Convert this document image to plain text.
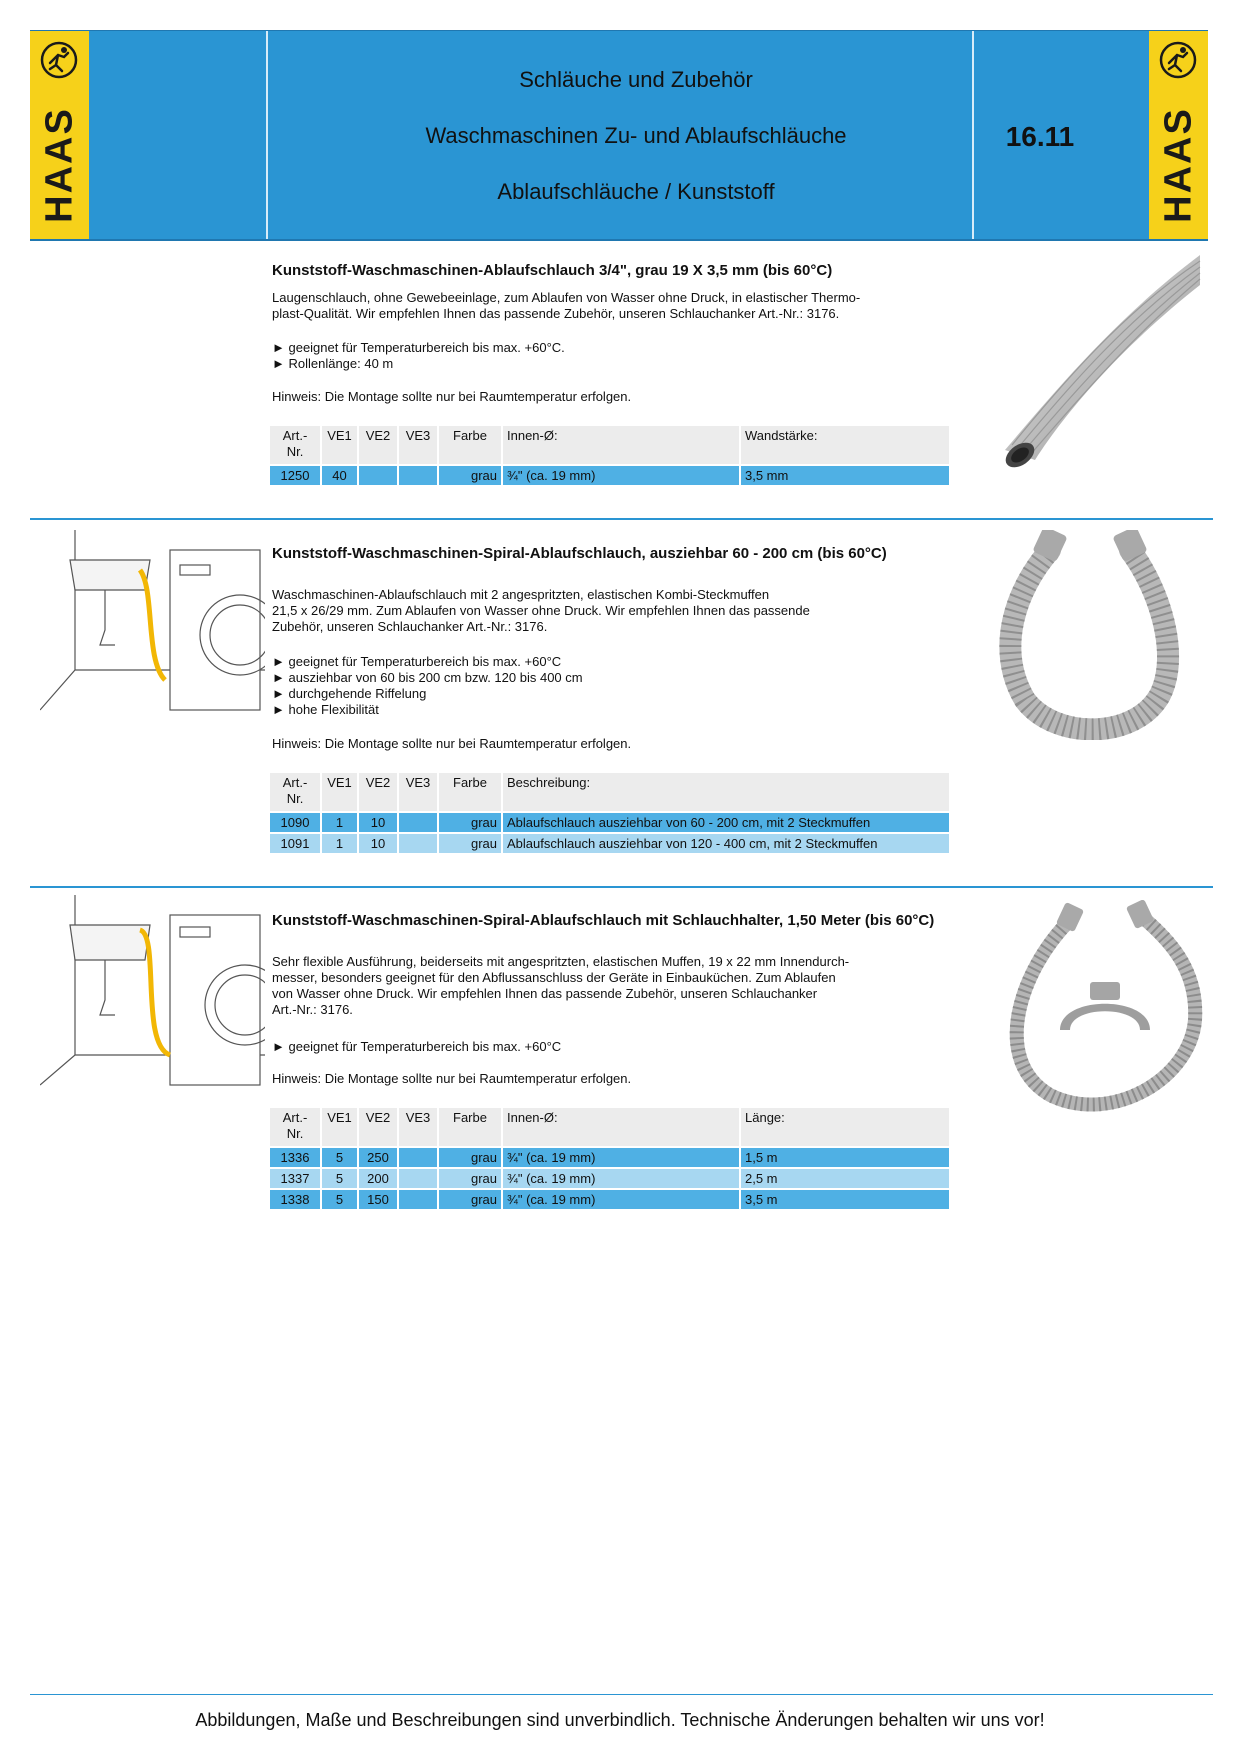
HAAS
Schläuche und Zubehör
Waschmaschinen Zu- und Ablaufschläuche
Ablaufschläuche / Kunststoff
16.11	HAAS
Kunststoff-Waschmaschinen-Ablaufschlauch 3/4", grau 19 X 3,5 mm (bis 60°C)

Laugenschlauch, ohne Gewebeeinlage, zum Ablaufen von Wasser ohne Druck, in elastischer Thermo-

plast-Qualität. Wir empfehlen Ihnen das passende Zubehör, unseren Schlauchanker Art.-Nr.: 3176.

► geeignet für Temperaturbereich bis max. +60°C.
► Rollenlänge: 40 m
Hinweis: Die Montage sollte nur bei Raumtemperatur erfolgen.
Art.-
Nr.	VE1	VE2	VE3	Farbe	Innen-Ø:	Wandstärke:
1250	40			grau	¾" (ca. 19 mm)	3,5 mm
Kunststoff-Waschmaschinen-Spiral-Ablaufschlauch, ausziehbar 60 - 200 cm (bis 60°C)

Waschmaschinen-Ablaufschlauch mit 2 angespritzten, elastischen Kombi-Steckmuffen

21,5 x 26/29 mm. Zum Ablaufen von Wasser ohne Druck. Wir empfehlen Ihnen das passende

Zubehör, unseren Schlauchanker Art.-Nr.: 3176.

► geeignet für Temperaturbereich bis max. +60°C
► ausziehbar von 60 bis 200 cm bzw. 120 bis 400 cm
► durchgehende Riffelung
► hohe Flexibilität
Hinweis: Die Montage sollte nur bei Raumtemperatur erfolgen.
Art.-
Nr.	VE1	VE2	VE3	Farbe	Beschreibung:
1090	1	10		grau	Ablaufschlauch ausziehbar von 60 - 200 cm, mit 2 Steckmuffen
1091	1	10		grau	Ablaufschlauch ausziehbar von 120 - 400 cm, mit 2 Steckmuffen
Kunststoff-Waschmaschinen-Spiral-Ablaufschlauch mit Schlauchhalter, 1,50 Meter (bis 60°C)

Sehr flexible Ausführung, beiderseits mit angespritzten, elastischen Muffen, 19 x 22 mm Innendurch-

messer, besonders geeignet für den Abflussanschluss der Geräte in Einbauküchen. Zum Ablaufen

von Wasser ohne Druck. Wir empfehlen Ihnen das passende Zubehör, unseren Schlauchanker

Art.-Nr.: 3176.

► geeignet für Temperaturbereich bis max. +60°C
Hinweis: Die Montage sollte nur bei Raumtemperatur erfolgen.
Art.-
Nr.	VE1	VE2	VE3	Farbe	Innen-Ø:	Länge:
1336	5	250		grau	¾" (ca. 19 mm)	1,5 m
1337	5	200		grau	¾" (ca. 19 mm)	2,5 m
1338	5	150		grau	¾" (ca. 19 mm)	3,5 m
Abbildungen, Maße und Beschreibungen sind unverbindlich. Technische Änderungen behalten wir uns vor!
